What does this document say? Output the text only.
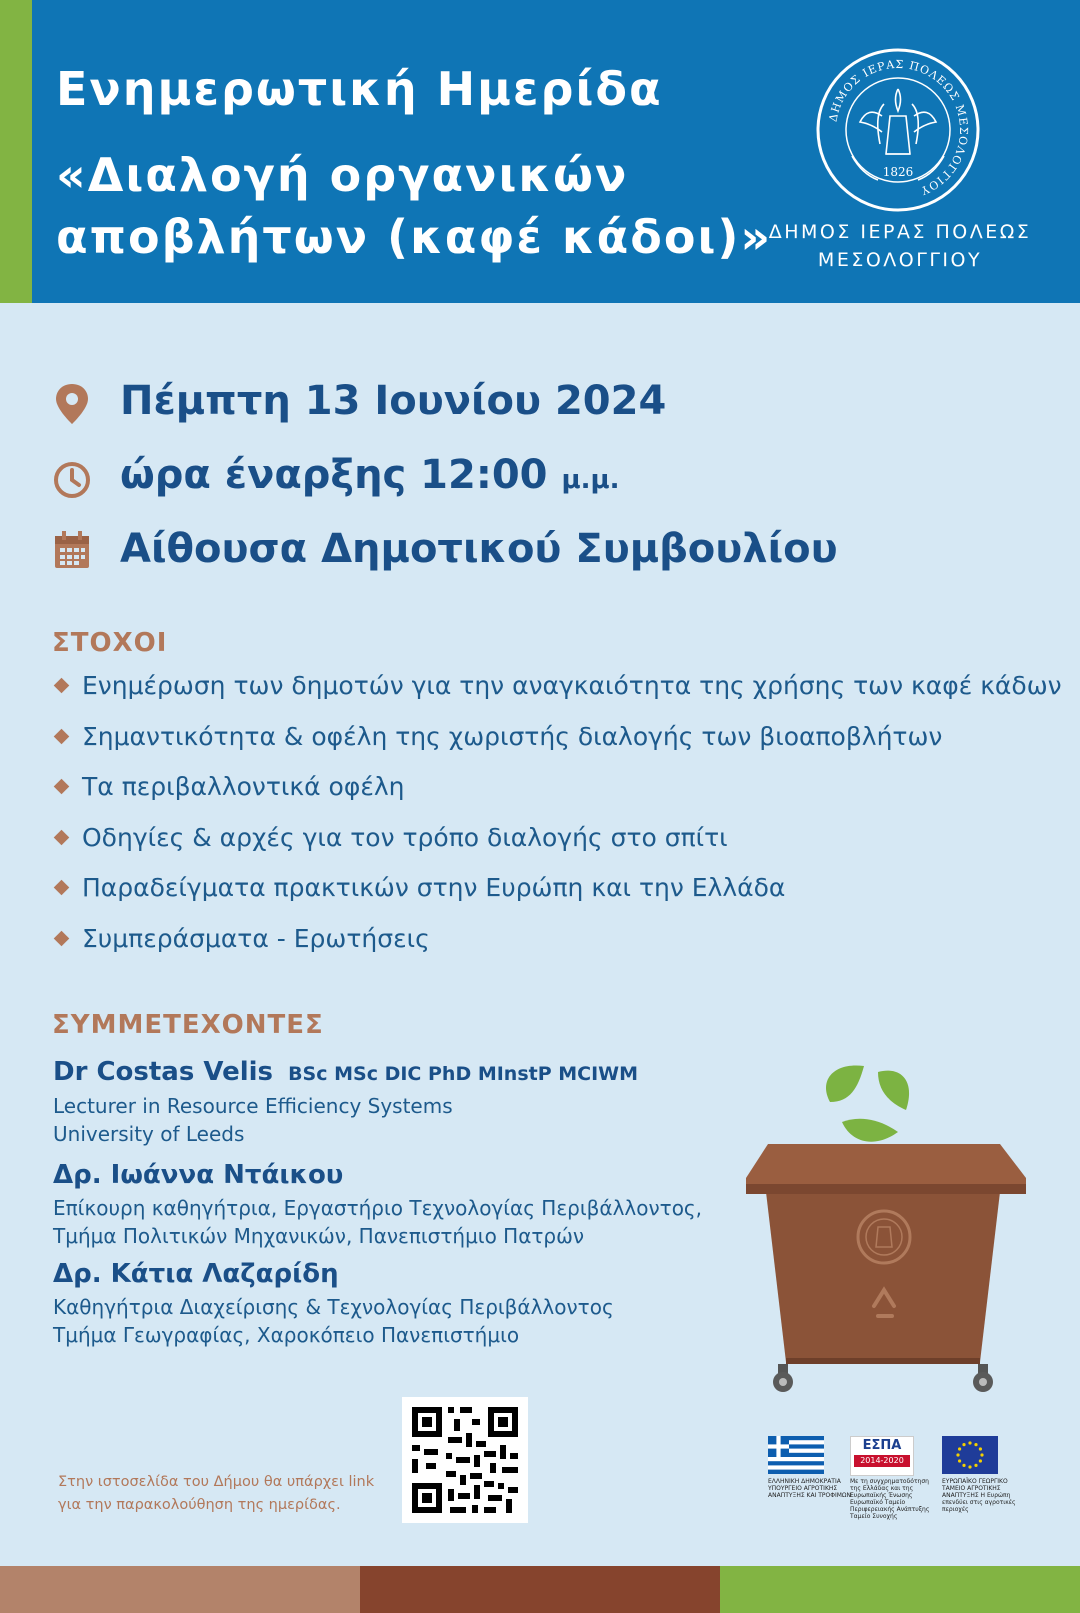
Ενημερωτική Ημερίδα
«Διαλογή οργανικών
αποβλήτων (καφέ κάδοι)»
ΔΗΜΟΣ ΙΕΡΑΣ ΠΟΛΕΩΣ ΜΕΣΟΛΟΓΓΙΟΥ
1826
ΔΗΜΟΣ ΙΕΡΑΣ ΠΟΛΕΩΣ
ΜΕΣΟΛΟΓΓΙΟΥ
Πέμπτη 13 Ιουνίου 2024
ώρα έναρξης 12:00 μ.μ.
Αίθουσα Δημοτικού Συμβουλίου
ΣΤΟΧΟΙ
Ενημέρωση των δημοτών για την αναγκαιότητα της χρήσης των καφέ κάδων
Σημαντικότητα & οφέλη της χωριστής διαλογής των βιοαποβλήτων
Τα περιβαλλοντικά οφέλη
Οδηγίες & αρχές για τον τρόπο διαλογής στο σπίτι
Παραδείγματα πρακτικών στην Ευρώπη και την Ελλάδα
Συμπεράσματα - Ερωτήσεις
ΣΥΜΜΕΤΕΧΟΝΤΕΣ
Dr Costas Velis BSc MSc DIC PhD MInstP MCIWM
Lecturer in Resource Efficiency Systems
University of Leeds
Δρ. Ιωάννα Ντάικου
Επίκουρη καθηγήτρια, Εργαστήριο Τεχνολογίας Περιβάλλοντος,
Τμήμα Πολιτικών Μηχανικών, Πανεπιστήμιο Πατρών
Δρ. Κάτια Λαζαρίδη
Καθηγήτρια Διαχείρισης & Τεχνολογίας Περιβάλλοντος
Τμήμα Γεωγραφίας, Χαροκόπειο Πανεπιστήμιο
Στην ιστοσελίδα του Δήμου θα υπάρχει link
για την παρακολούθηση της ημερίδας.
ΕΛΛΗΝΙΚΗ ΔΗΜΟΚΡΑΤΙΑ ΥΠΟΥΡΓΕΙΟ ΑΓΡΟΤΙΚΗΣ ΑΝΑΠΤΥΞΗΣ ΚΑΙ ΤΡΟΦΙΜΩΝ
ΕΣΠΑ
2014-2020
Με τη συγχρηματοδότηση της Ελλάδας και της Ευρωπαϊκής Ένωσης Ευρωπαϊκό Ταμείο Περιφερειακής Ανάπτυξης Ταμείο Συνοχής
ΕΥΡΩΠΑΪΚΟ ΓΕΩΡΓΙΚΟ ΤΑΜΕΙΟ ΑΓΡΟΤΙΚΗΣ ΑΝΑΠΤΥΞΗΣ Η Ευρώπη επενδύει στις αγροτικές περιοχές
